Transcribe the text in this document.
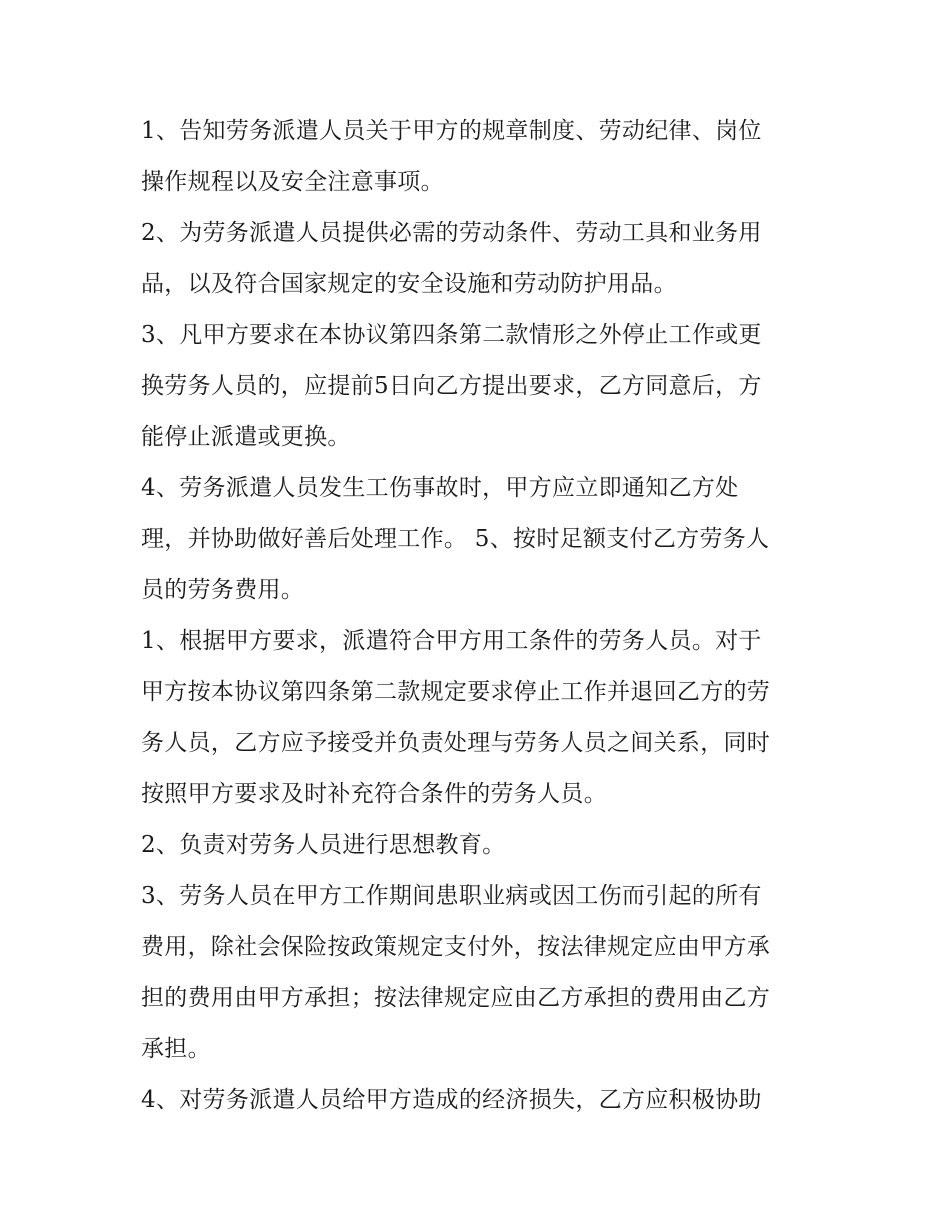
1、告知劳务派遣人员关于甲方的规章制度、劳动纪律、岗位
操作规程以及安全注意事项。
2、为劳务派遣人员提供必需的劳动条件、劳动工具和业务用
品，以及符合国家规定的安全设施和劳动防护用品。
3、凡甲方要求在本协议第四条第二款情形之外停止工作或更
换劳务人员的，应提前5日向乙方提出要求，乙方同意后，方
能停止派遣或更换。
4、劳务派遣人员发生工伤事故时，甲方应立即通知乙方处
理，并协助做好善后处理工作。 5、按时足额支付乙方劳务人
员的劳务费用。
1、根据甲方要求，派遣符合甲方用工条件的劳务人员。对于
甲方按本协议第四条第二款规定要求停止工作并退回乙方的劳
务人员，乙方应予接受并负责处理与劳务人员之间关系，同时
按照甲方要求及时补充符合条件的劳务人员。
2、负责对劳务人员进行思想教育。
3、劳务人员在甲方工作期间患职业病或因工伤而引起的所有
费用，除社会保险按政策规定支付外，按法律规定应由甲方承
担的费用由甲方承担；按法律规定应由乙方承担的费用由乙方
承担。
4、对劳务派遣人员给甲方造成的经济损失，乙方应积极协助
